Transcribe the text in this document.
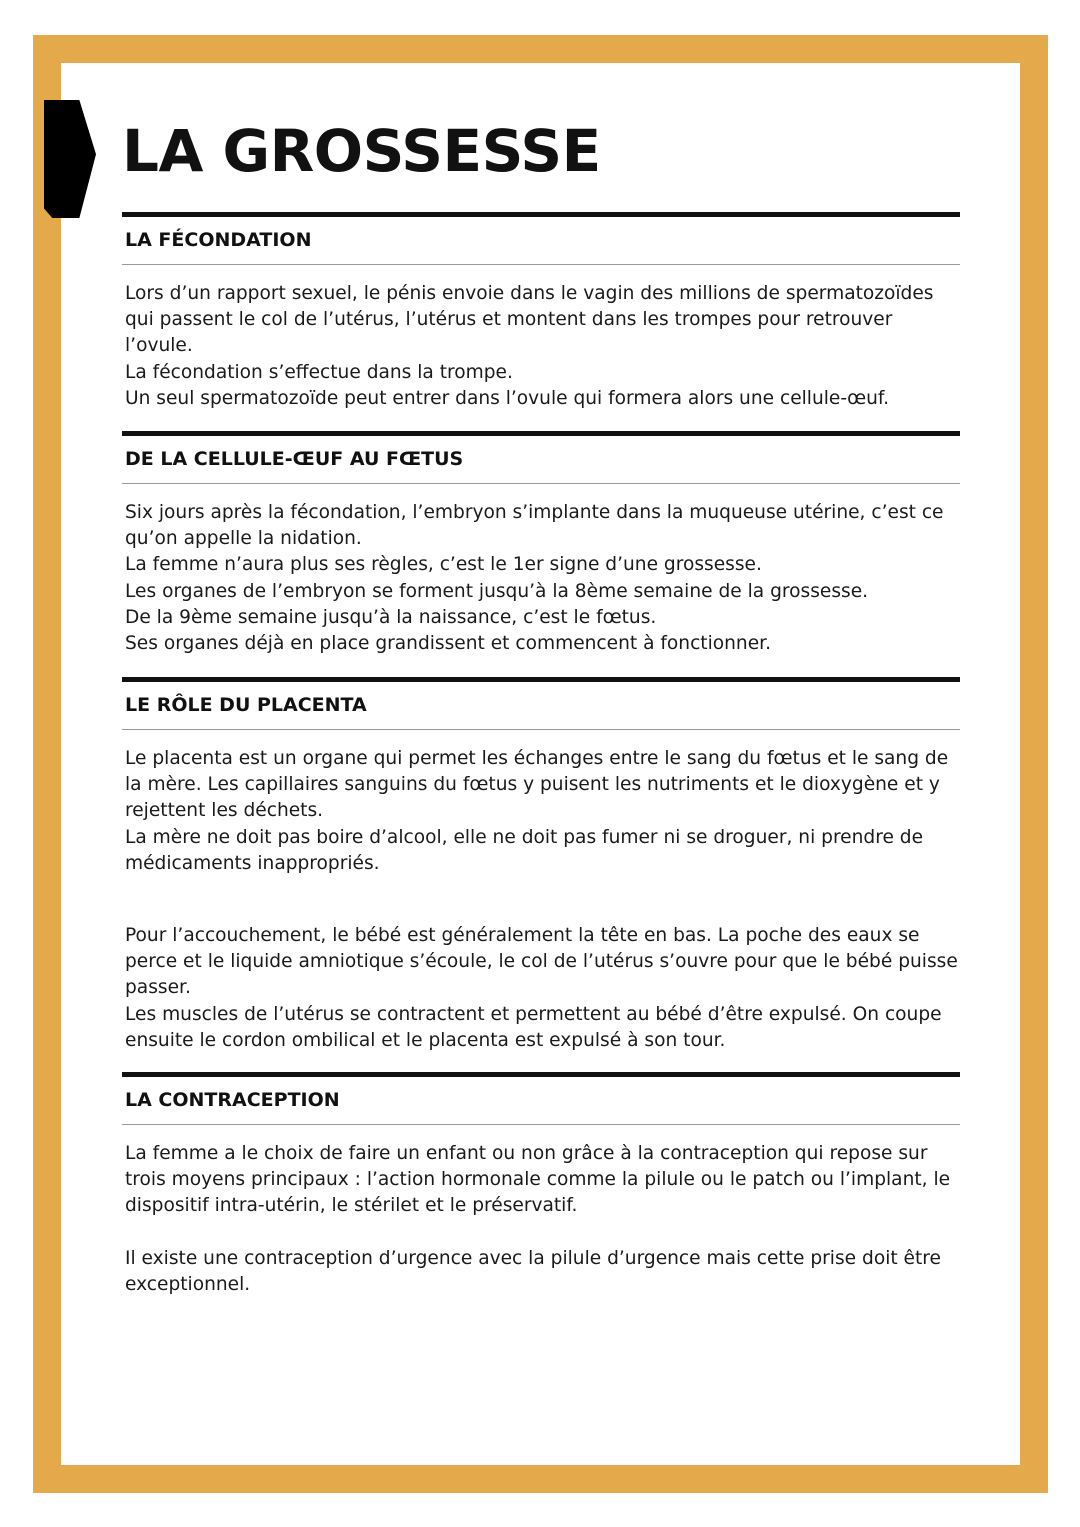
LA GROSSESSE
LA FÉCONDATION

Lors d’un rapport sexuel, le pénis envoie dans le vagin des millions de spermatozoïdes qui passent le col de l’utérus, l’utérus et montent dans les trompes pour retrouver l’ovule.

La fécondation s’effectue dans la trompe.

Un seul spermatozoïde peut entrer dans l’ovule qui formera alors une cellule-œuf.

DE LA CELLULE-ŒUF AU FŒTUS

Six jours après la fécondation, l’embryon s’implante dans la muqueuse utérine, c’est ce qu’on appelle la nidation.

La femme n’aura plus ses règles, c’est le 1er signe d’une grossesse.

Les organes de l’embryon se forment jusqu’à la 8ème semaine de la grossesse.

De la 9ème semaine jusqu’à la naissance, c’est le fœtus.

Ses organes déjà en place grandissent et commencent à fonctionner.

LE RÔLE DU PLACENTA

Le placenta est un organe qui permet les échanges entre le sang du fœtus et le sang de la mère. Les capillaires sanguins du fœtus y puisent les nutriments et le dioxygène et y rejettent les déchets.

La mère ne doit pas boire d’alcool, elle ne doit pas fumer ni se droguer, ni prendre de médicaments inappropriés.

Pour l’accouchement, le bébé est généralement la tête en bas. La poche des eaux se perce et le liquide amniotique s’écoule, le col de l’utérus s’ouvre pour que le bébé puisse passer.

Les muscles de l’utérus se contractent et permettent au bébé d’être expulsé. On coupe ensuite le cordon ombilical et le placenta est expulsé à son tour.

LA CONTRACEPTION

La femme a le choix de faire un enfant ou non grâce à la contraception qui repose sur trois moyens principaux : l’action hormonale comme la pilule ou le patch ou l’implant, le dispositif intra-utérin, le stérilet et le préservatif.

Il existe une contraception d’urgence avec la pilule d’urgence mais cette prise doit être exceptionnel.
